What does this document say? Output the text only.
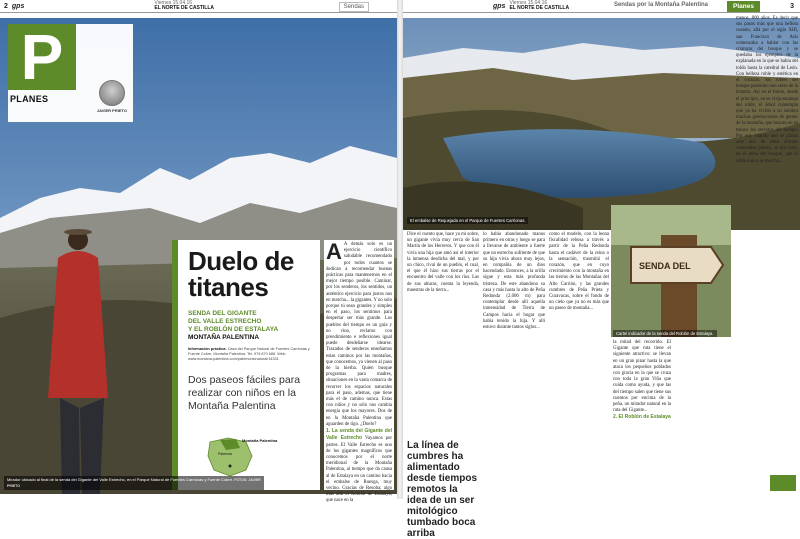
2 gps	Viernes 15.04.16
EL NORTE DE CASTILLA	Sendas
P
PLANES
JAVIER PRIETO
Duelo de
titanes
SENDA DEL GIGANTE
DEL VALLE ESTRECHO
Y EL ROBLÓN DE ESTALAYA
MONTAÑA PALENTINA
Información práctica: Casa del Parque Natural de Fuentes Carrionas y Fuente Cobre, Montaña Palentina. Tel. 979 870 688. Web: www.montana-palentina.com/patrimonionatural/14331
Dos paseos fáciles para realizar con niños en la Montaña Palentina
Montaña Palentina
Palencia
A A demás solo es un ejercicio científico saludable recomendado por todos cuantos se dedican a recomendar buenas prácticas para mantenernos en el mejor tiempo posible. Caminar, por los senderos, los sentidos, un auténtico ejercicio para justos nos en marcha... la gigantes. Y no solo porque tú sean grandes y simples en el paso, los sentimos para despertar ser más grande. Los pueblos del tiempo es un guía y no vino, reclamo con prendimiento e reflexiones igual puede desdeñarse idearse. Trazados de senderos enseñamos estas caminos por las montañas, que conocemos, ya vienen al paso de la hierba. Quien busque programas para madres, situaciones en la vasta comarca de recorrer los espacios naturales para el paso, ademas, que tiene más el de camino nunca. Estas con niños y no sólo nos cambia energía que los mayores. Dos de en la Montaña Palentina que aguarden de tigo. ¿Duelo?
1. La senda del Gigante del Valle Estrecho Vayamos por partes. El Valle Estrecho es uno de los gigantes magníficos que conocemos por el norte meridional de la Montaña Palentina, al tiempo que da causa al de Estalaya en un camino hacia el embalse de Ruesga, muy vecino. Gracias de Resoba; algo más allá el Roblón de Estalaya, que nace en la
Mirador ubicado al final de la senda del Gigante del Valle Estrecho, en el Parque Natural de Fuentes Carrionas y Fuente Cobre. FOTOS: JAVIER PRIETO
gps Viernes 15.04.16
EL NORTE DE CASTILLA	Sendas por la Montaña Palentina	Planes	3
El embalse de Requejada en el Parque de Fuentes Carrionas.
SENDA DEL
Cartel indicador de la senda del Roblón de Estalaya.
Dice el cuento que, hace ya mi sobre, un gigante vivía muy cerca de San Martín de los Herreros. Y que con él vivía una hija que amó así el interior la inmensa desdicha del mal, y por un chico, rival de un pueblo, el cual, el que él hizo sus tierras por el encuentro del valle con los ríos. Las de sus alturas, cuenta la leyenda, muestras de la tierra...
La línea de cumbres ha alimentado desde tiempos remotos la idea de un ser mitológico tumbado boca arriba
lo había abandonado manos primero en otras y luego se para a llevarse de ambiente a fuerte que un estrecho sufriente de que su hija vivía ahora muy lejos, en compañía de un dios hacendado. Entonces, a la orilla sigue y esta más profunda tristeza. De este abandono su casa y más hasta lo alto de Peña Redonda (2.006 m) para contemplar desde allí aquella inmensidad de Tierra de Campos hacia el hogar que había tenido la hija. Y allí estuvo durante tantos siglos...
como el modelo, con la leona fiscalidad rebosa a través a partir de la Peña Redonda hasta el cadáver de la reina o la sensación, trasmitió el corazón, que en cuyo crecimiento con la montaña en las tierras de las Montañas del Alto Carrión, y las grandes cumbres de Peña Prieta y Curavacas, sobre el fondo de un cielo que ya no es más que un paseo de montaña...
la mitad del recorrido. El Gigante que ruta tiene el siguiente atractivo: se llevan en un gran pinar hasta la que ataca los pequeños poblados con gracia en la que se cruza con toda la gran Viña que cuida como ayuda, y que las del tiempo salen que tiene sus cuentos por encima de la peña, un mirador natural en la ruta del Gigante...
2. El Roblón de Estalaya
menos, 800 años. Es decir que sus pasos más que una bellota cuando, allá por el siglo XIII, san Francisco de Asís comenzaba a hablar con las criaturas del bosque y se quedaba los ejemplos de la explanada en la que se había del toldo hasta la catedral de León. Con belleza roble y estética en el corazón, los robles del bosque palentino son seres de la historia. Así en el fondo, desde el principio, en su vieja estampa del roble, el árbol contempla que ya ha vivido a su sombra muchas generaciones de gentes de la montaña, que buscan en su tronco los secretos del tiempo. Por eso, cuando uno se planta ante uno de estos árboles venerables piensa, se tiró todo, en el alma del bosque, que el roble nunca se marcha...
